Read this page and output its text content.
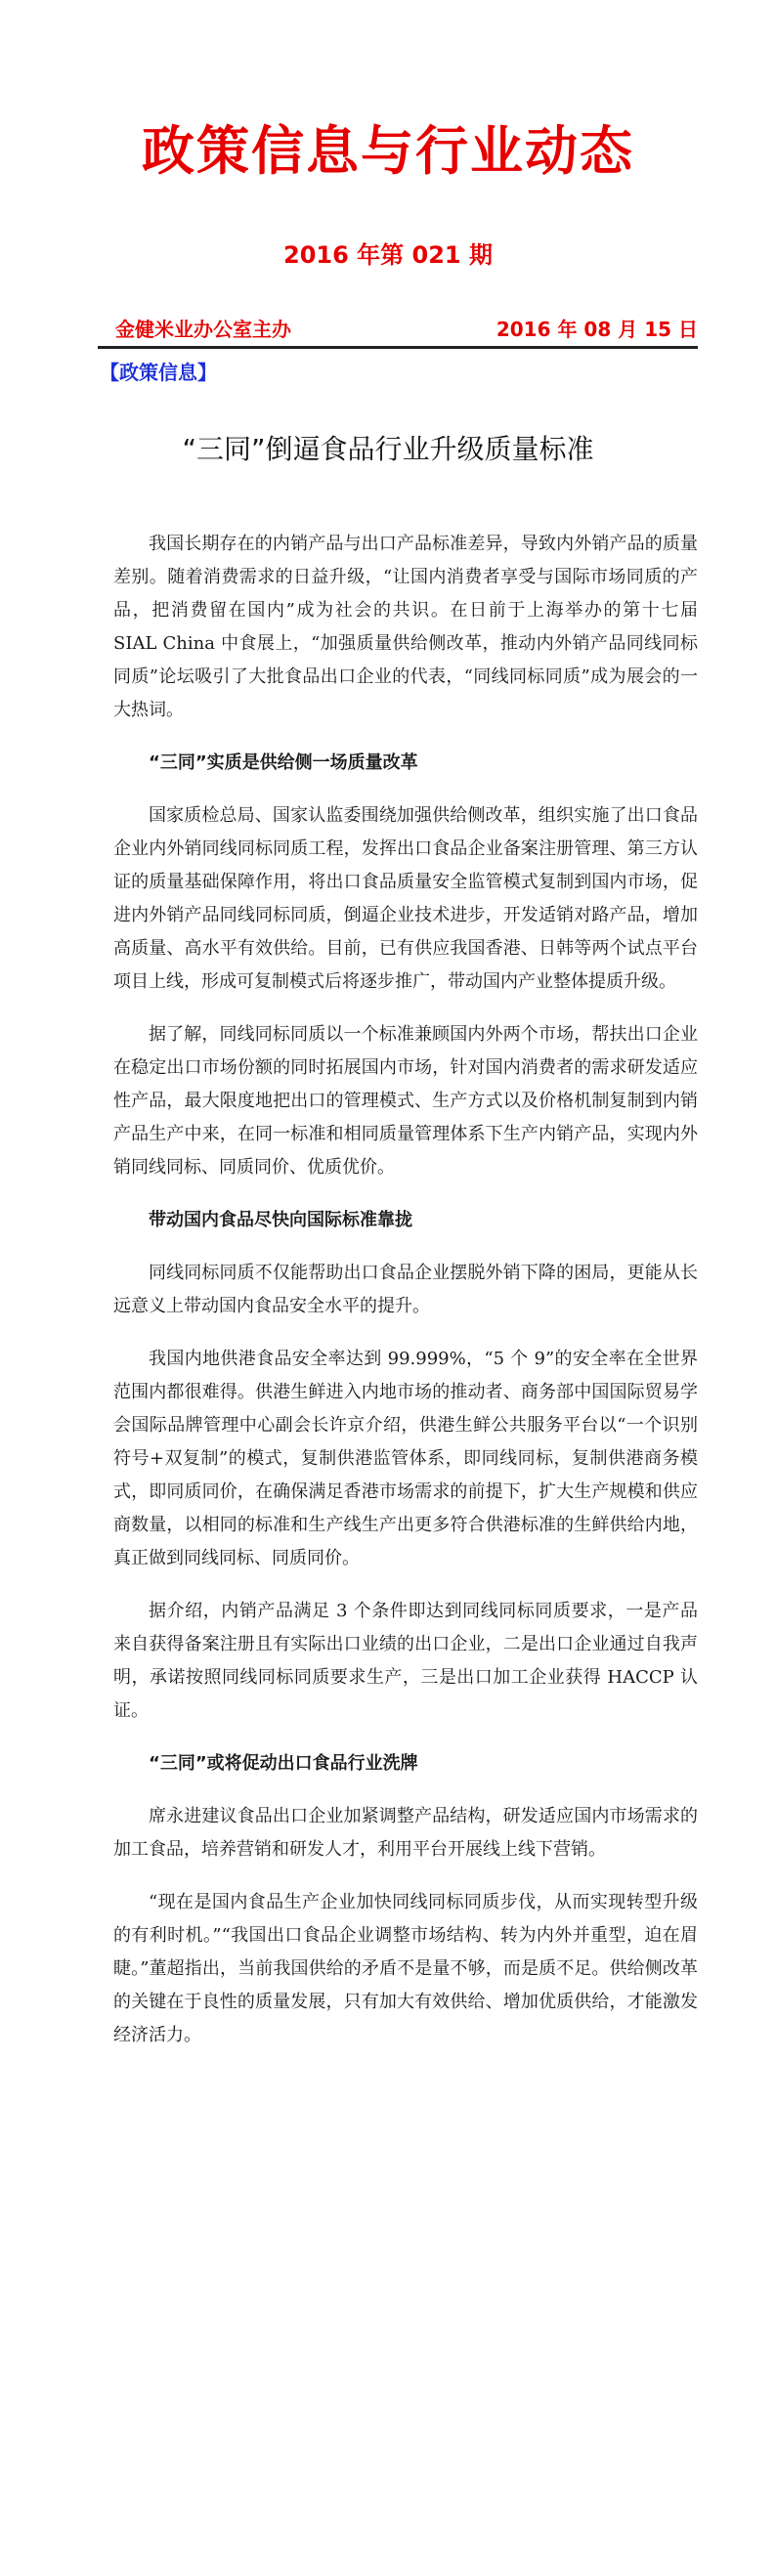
政策信息与行业动态
2016 年第 021 期
金健米业办公室主办	2016 年 08 月 15 日
【政策信息】
“三同”倒逼食品行业升级质量标准

我国长期存在的内销产品与出口产品标准差异，导致内外销产品的质量差别。随着消费需求的日益升级，“让国内消费者享受与国际市场同质的产品，把消费留在国内”成为社会的共识。在日前于上海举办的第十七届 SIAL China 中食展上，“加强质量供给侧改革，推动内外销产品同线同标同质”论坛吸引了大批食品出口企业的代表，“同线同标同质”成为展会的一大热词。

“三同”实质是供给侧一场质量改革

国家质检总局、国家认监委围绕加强供给侧改革，组织实施了出口食品企业内外销同线同标同质工程，发挥出口食品企业备案注册管理、第三方认证的质量基础保障作用，将出口食品质量安全监管模式复制到国内市场，促进内外销产品同线同标同质，倒逼企业技术进步，开发适销对路产品，增加高质量、高水平有效供给。目前，已有供应我国香港、日韩等两个试点平台项目上线，形成可复制模式后将逐步推广，带动国内产业整体提质升级。

据了解，同线同标同质以一个标准兼顾国内外两个市场，帮扶出口企业在稳定出口市场份额的同时拓展国内市场，针对国内消费者的需求研发适应性产品，最大限度地把出口的管理模式、生产方式以及价格机制复制到内销产品生产中来，在同一标准和相同质量管理体系下生产内销产品，实现内外销同线同标、同质同价、优质优价。

带动国内食品尽快向国际标准靠拢

同线同标同质不仅能帮助出口食品企业摆脱外销下降的困局，更能从长远意义上带动国内食品安全水平的提升。

我国内地供港食品安全率达到 99.999%，“5 个 9”的安全率在全世界范围内都很难得。供港生鲜进入内地市场的推动者、商务部中国国际贸易学会国际品牌管理中心副会长许京介绍，供港生鲜公共服务平台以“一个识别符号+双复制”的模式，复制供港监管体系，即同线同标，复制供港商务模式，即同质同价，在确保满足香港市场需求的前提下，扩大生产规模和供应商数量，以相同的标准和生产线生产出更多符合供港标准的生鲜供给内地，真正做到同线同标、同质同价。

据介绍，内销产品满足 3 个条件即达到同线同标同质要求，一是产品来自获得备案注册且有实际出口业绩的出口企业，二是出口企业通过自我声明，承诺按照同线同标同质要求生产，三是出口加工企业获得 HACCP 认证。

“三同”或将促动出口食品行业洗牌

席永进建议食品出口企业加紧调整产品结构，研发适应国内市场需求的加工食品，培养营销和研发人才，利用平台开展线上线下营销。

“现在是国内食品生产企业加快同线同标同质步伐，从而实现转型升级的有利时机。”“我国出口食品企业调整市场结构、转为内外并重型，迫在眉睫。”董超指出，当前我国供给的矛盾不是量不够，而是质不足。供给侧改革的关键在于良性的质量发展，只有加大有效供给、增加优质供给，才能激发经济活力。
